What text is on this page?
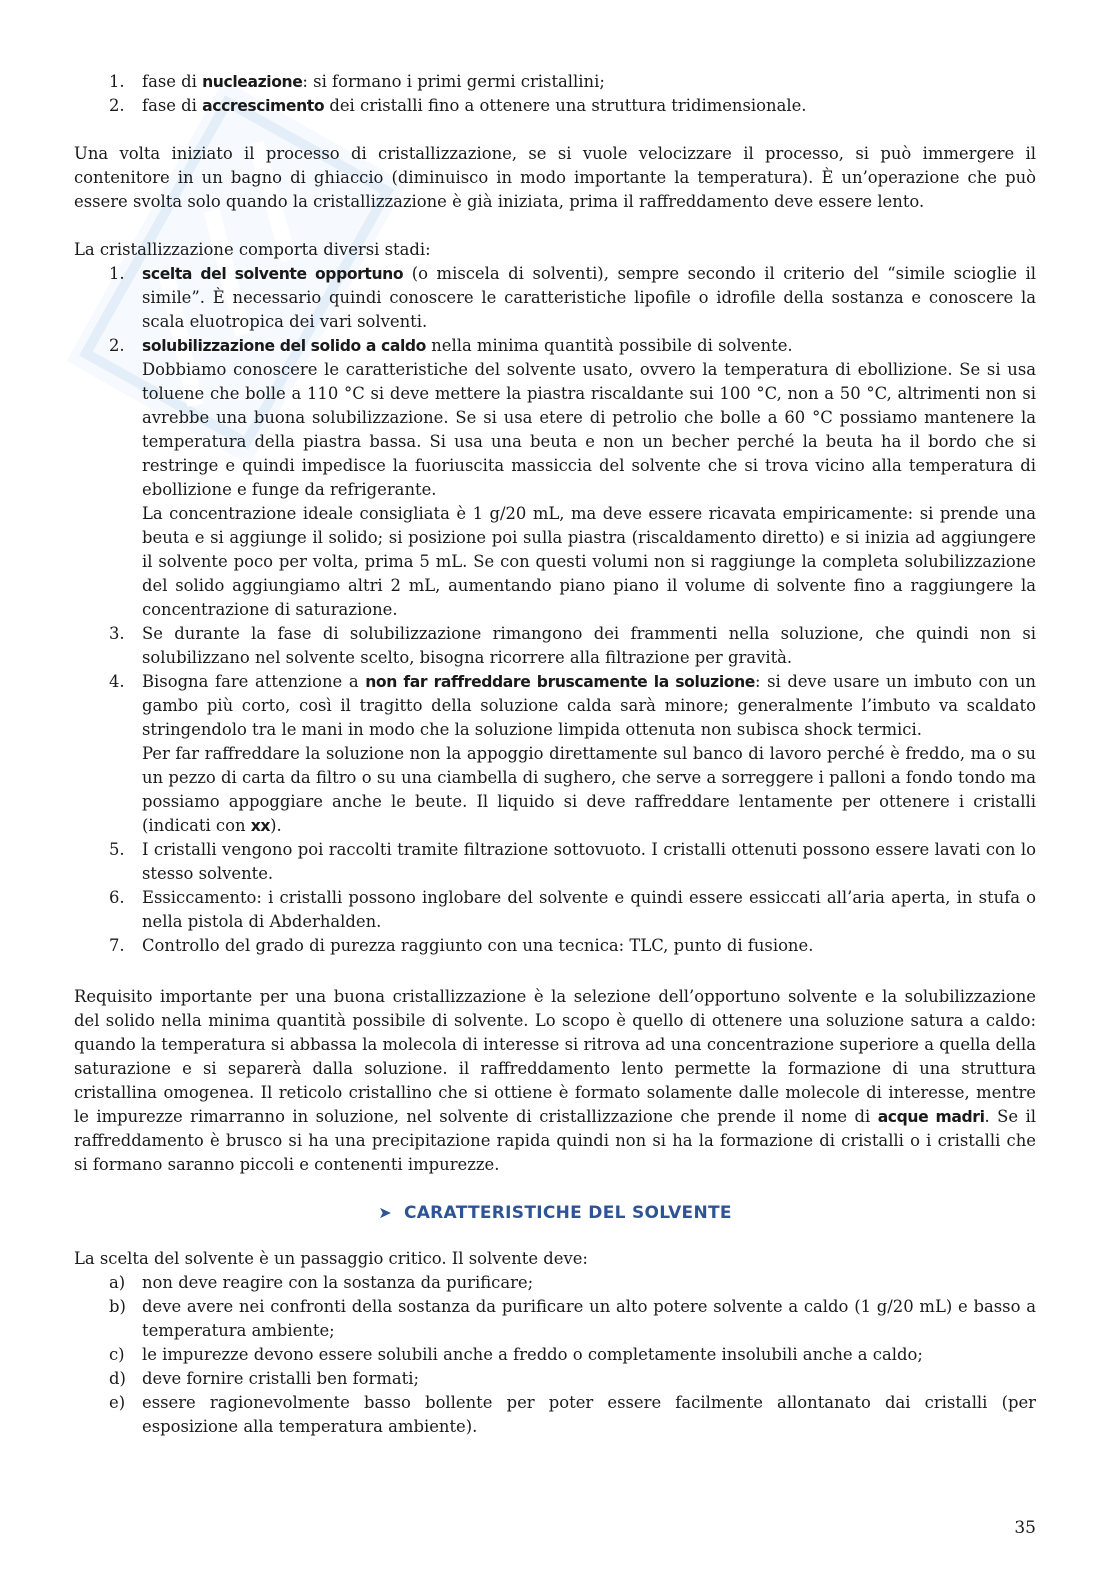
1.	fase di nucleazione: si formano i primi germi cristallini;
2.	fase di accrescimento dei cristalli fino a ottenere una struttura tridimensionale.

Una volta iniziato il processo di cristallizzazione, se si vuole velocizzare il processo, si può immergere il contenitore in un bagno di ghiaccio (diminuisco in modo importante la temperatura). È un’operazione che può essere svolta solo quando la cristallizzazione è già iniziata, prima il raffreddamento deve essere lento.

La cristallizzazione comporta diversi stadi:

1.	scelta del solvente opportuno (o miscela di solventi), sempre secondo il criterio del “simile scioglie il simile”. È necessario quindi conoscere le caratteristiche lipofile o idrofile della sostanza e conoscere la scala eluotropica dei vari solventi.
2.	solubilizzazione del solido a caldo nella minima quantità possibile di solvente.

Dobbiamo conoscere le caratteristiche del solvente usato, ovvero la temperatura di ebollizione. Se si usa toluene che bolle a 110 °C si deve mettere la piastra riscaldante sui 100 °C, non a 50 °C, altrimenti non si avrebbe una buona solubilizzazione. Se si usa etere di petrolio che bolle a 60 °C possiamo mantenere la temperatura della piastra bassa. Si usa una beuta e non un becher perché la beuta ha il bordo che si restringe e quindi impedisce la fuoriuscita massiccia del solvente che si trova vicino alla temperatura di ebollizione e funge da refrigerante.

La concentrazione ideale consigliata è 1 g/20 mL, ma deve essere ricavata empiricamente: si prende una beuta e si aggiunge il solido; si posizione poi sulla piastra (riscaldamento diretto) e si inizia ad aggiungere il solvente poco per volta, prima 5 mL. Se con questi volumi non si raggiunge la completa solubilizzazione del solido aggiungiamo altri 2 mL, aumentando piano piano il volume di solvente fino a raggiungere la concentrazione di saturazione.

3.	Se durante la fase di solubilizzazione rimangono dei frammenti nella soluzione, che quindi non si solubilizzano nel solvente scelto, bisogna ricorrere alla filtrazione per gravità.
4.	Bisogna fare attenzione a non far raffreddare bruscamente la soluzione: si deve usare un imbuto con un gambo più corto, così il tragitto della soluzione calda sarà minore; generalmente l’imbuto va scaldato stringendolo tra le mani in modo che la soluzione limpida ottenuta non subisca shock termici.

Per far raffreddare la soluzione non la appoggio direttamente sul banco di lavoro perché è freddo, ma o su un pezzo di carta da filtro o su una ciambella di sughero, che serve a sorreggere i palloni a fondo tondo ma possiamo appoggiare anche le beute. Il liquido si deve raffreddare lentamente per ottenere i cristalli (indicati con xx).

5.	I cristalli vengono poi raccolti tramite filtrazione sottovuoto. I cristalli ottenuti possono essere lavati con lo stesso solvente.
6.	Essiccamento: i cristalli possono inglobare del solvente e quindi essere essiccati all’aria aperta, in stufa o nella pistola di Abderhalden.
7.	Controllo del grado di purezza raggiunto con una tecnica: TLC, punto di fusione.

Requisito importante per una buona cristallizzazione è la selezione dell’opportuno solvente e la solubilizzazione del solido nella minima quantità possibile di solvente. Lo scopo è quello di ottenere una soluzione satura a caldo: quando la temperatura si abbassa la molecola di interesse si ritrova ad una concentrazione superiore a quella della saturazione e si separerà dalla soluzione. il raffreddamento lento permette la formazione di una struttura cristallina omogenea. Il reticolo cristallino che si ottiene è formato solamente dalle molecole di interesse, mentre le impurezze rimarranno in soluzione, nel solvente di cristallizzazione che prende il nome di acque madri. Se il raffreddamento è brusco si ha una precipitazione rapida quindi non si ha la formazione di cristalli o i cristalli che si formano saranno piccoli e contenenti impurezze.

➤ CARATTERISTICHE DEL SOLVENTE

La scelta del solvente è un passaggio critico. Il solvente deve:

a)	non deve reagire con la sostanza da purificare;
b) deve avere nei confronti della sostanza da purificare un alto potere solvente a caldo (1 g/20 mL) e basso a temperatura ambiente;
c)	le impurezze devono essere solubili anche a freddo o completamente insolubili anche a caldo;
d) deve fornire cristalli ben formati;
e)	essere ragionevolmente basso bollente per poter essere facilmente allontanato dai cristalli (per esposizione alla temperatura ambiente).
35
